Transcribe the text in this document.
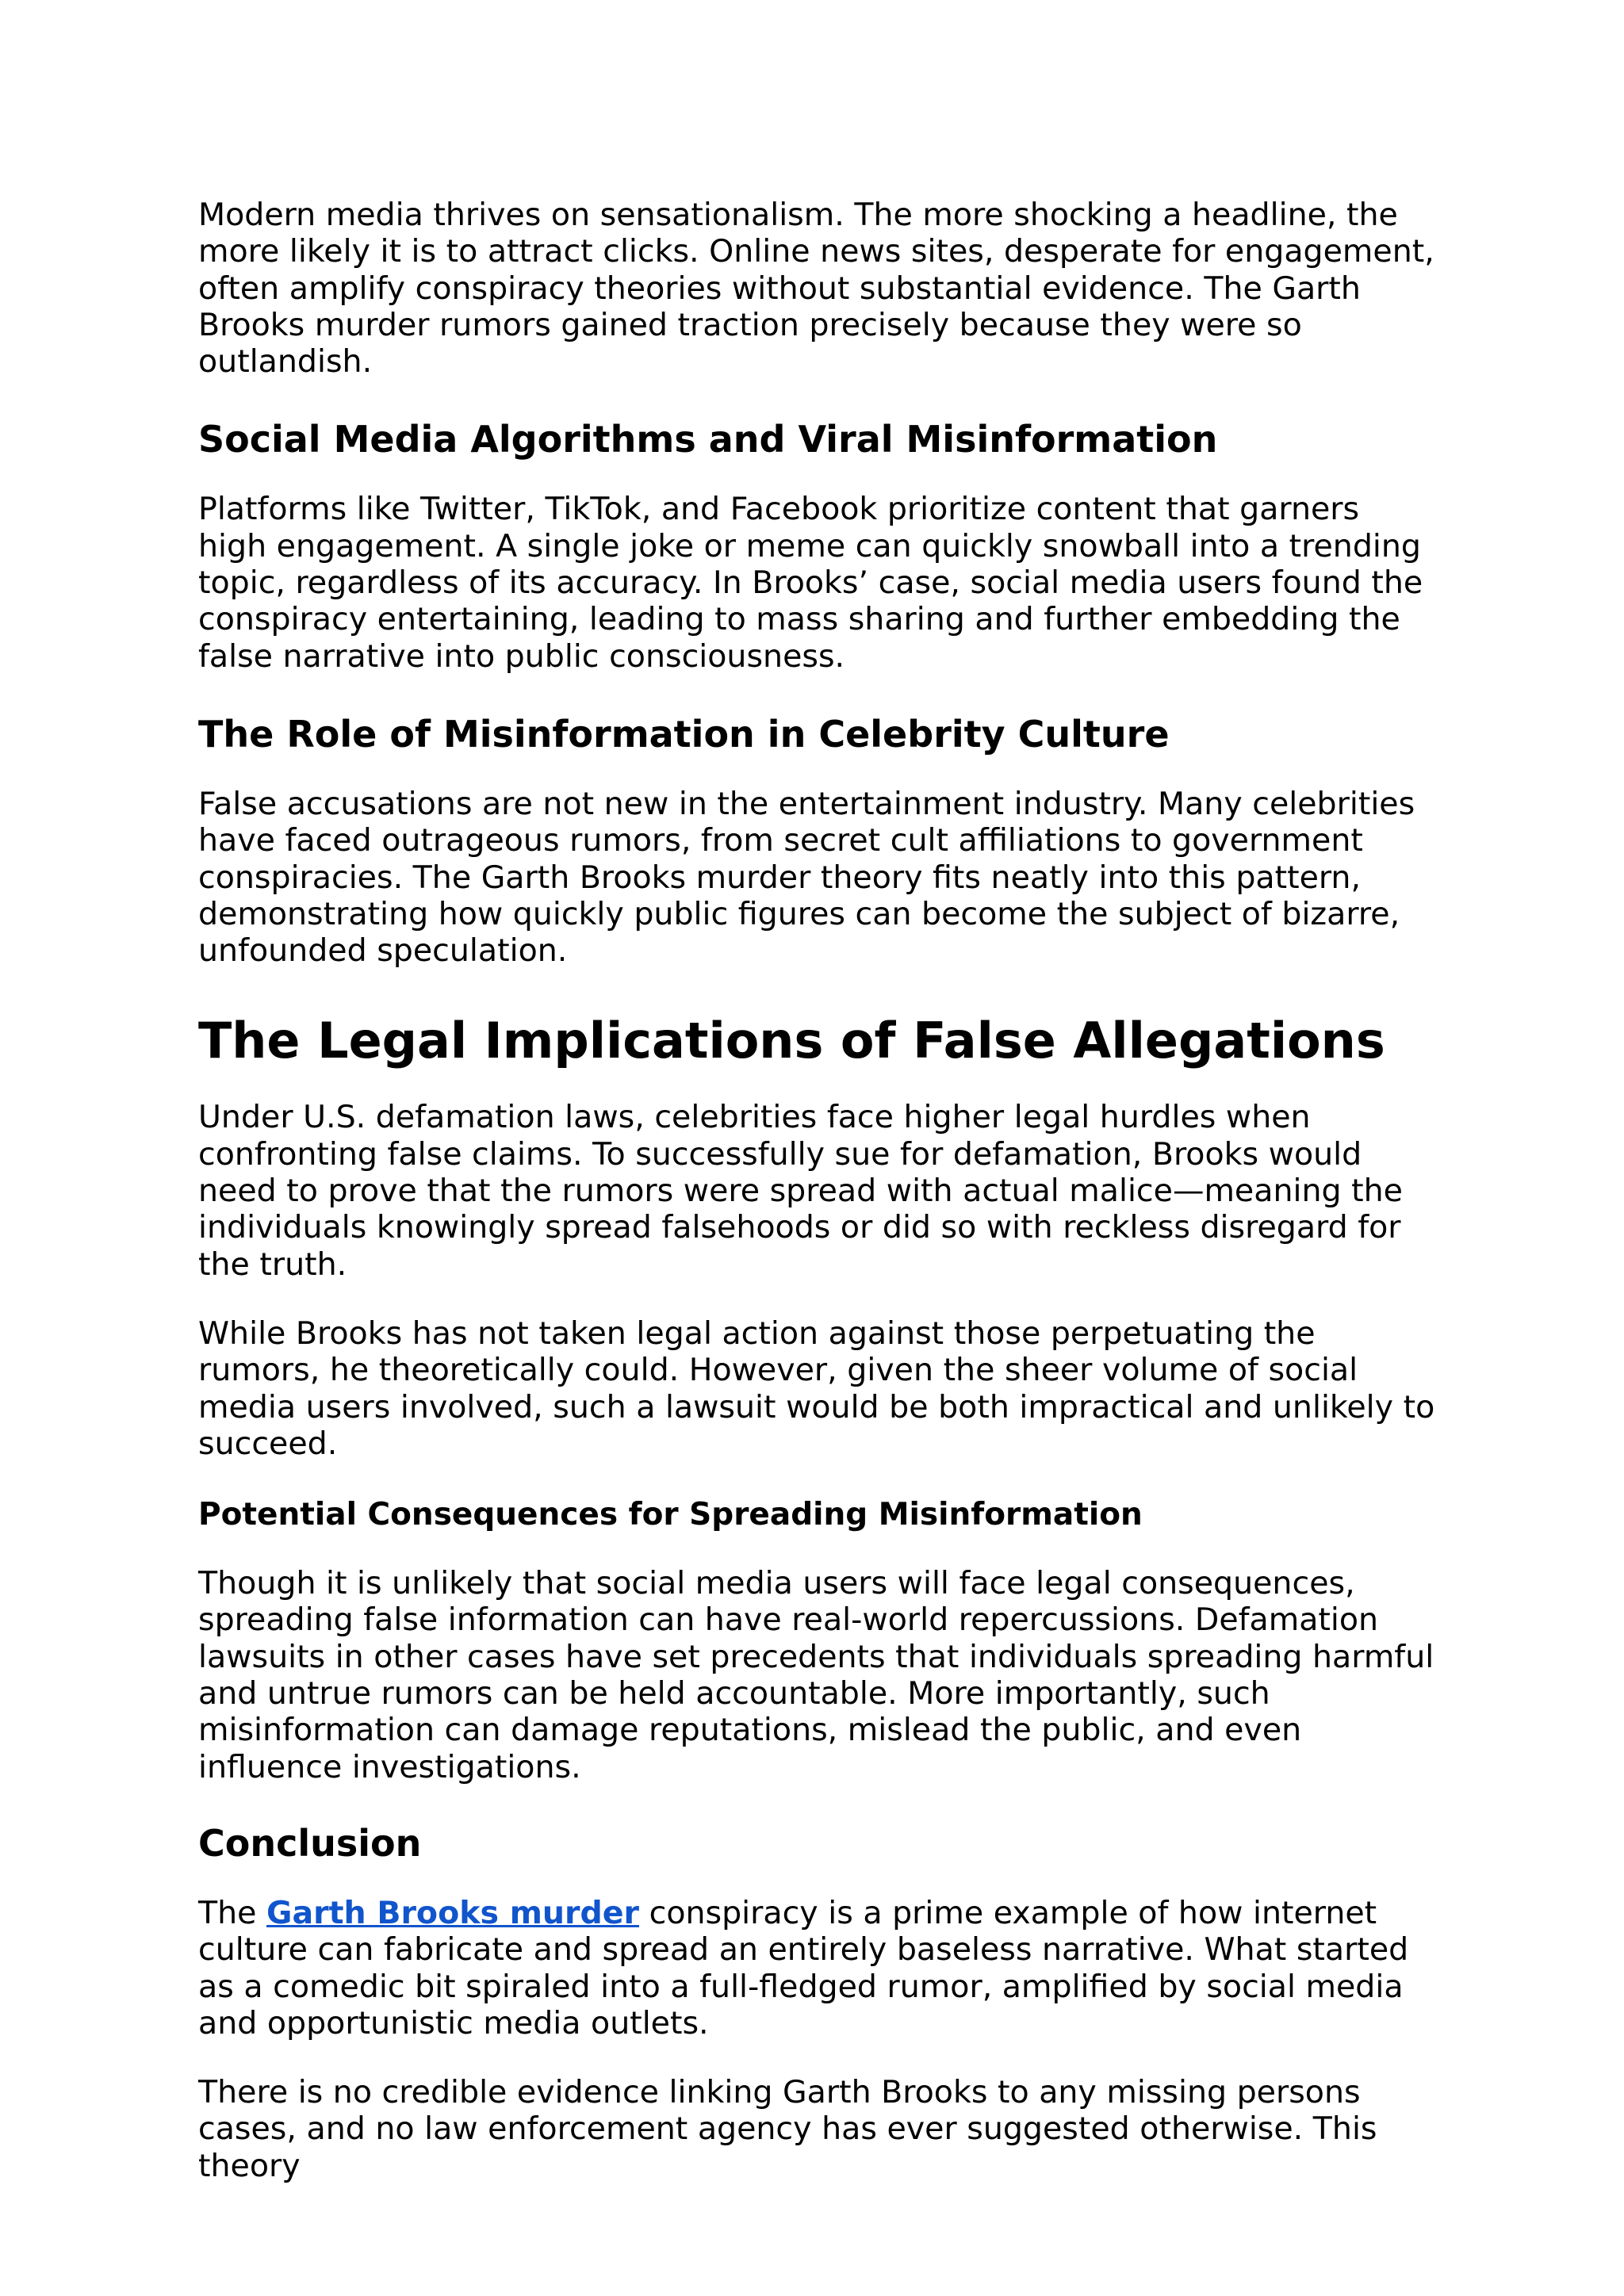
Modern media thrives on sensationalism. The more shocking a headline, the more likely it is to attract clicks. Online news sites, desperate for engagement, often amplify conspiracy theories without substantial evidence. The Garth Brooks murder rumors gained traction precisely because they were so outlandish.

Social Media Algorithms and Viral Misinformation

Platforms like Twitter, TikTok, and Facebook prioritize content that garners high engagement. A single joke or meme can quickly snowball into a trending topic, regardless of its accuracy. In Brooks’ case, social media users found the conspiracy entertaining, leading to mass sharing and further embedding the false narrative into public consciousness.

The Role of Misinformation in Celebrity Culture

False accusations are not new in the entertainment industry. Many celebrities have faced outrageous rumors, from secret cult affiliations to government conspiracies. The Garth Brooks murder theory fits neatly into this pattern, demonstrating how quickly public figures can become the subject of bizarre, unfounded speculation.

The Legal Implications of False Allegations

Under U.S. defamation laws, celebrities face higher legal hurdles when confronting false claims. To successfully sue for defamation, Brooks would need to prove that the rumors were spread with actual malice—meaning the individuals knowingly spread falsehoods or did so with reckless disregard for the truth.

While Brooks has not taken legal action against those perpetuating the rumors, he theoretically could. However, given the sheer volume of social media users involved, such a lawsuit would be both impractical and unlikely to succeed.

Potential Consequences for Spreading Misinformation

Though it is unlikely that social media users will face legal consequences, spreading false information can have real-world repercussions. Defamation lawsuits in other cases have set precedents that individuals spreading harmful and untrue rumors can be held accountable. More importantly, such misinformation can damage reputations, mislead the public, and even influence investigations.

Conclusion

The Garth Brooks murder conspiracy is a prime example of how internet culture can fabricate and spread an entirely baseless narrative. What started as a comedic bit spiraled into a full-fledged rumor, amplified by social media and opportunistic media outlets.

There is no credible evidence linking Garth Brooks to any missing persons cases, and no law enforcement agency has ever suggested otherwise. This theory
